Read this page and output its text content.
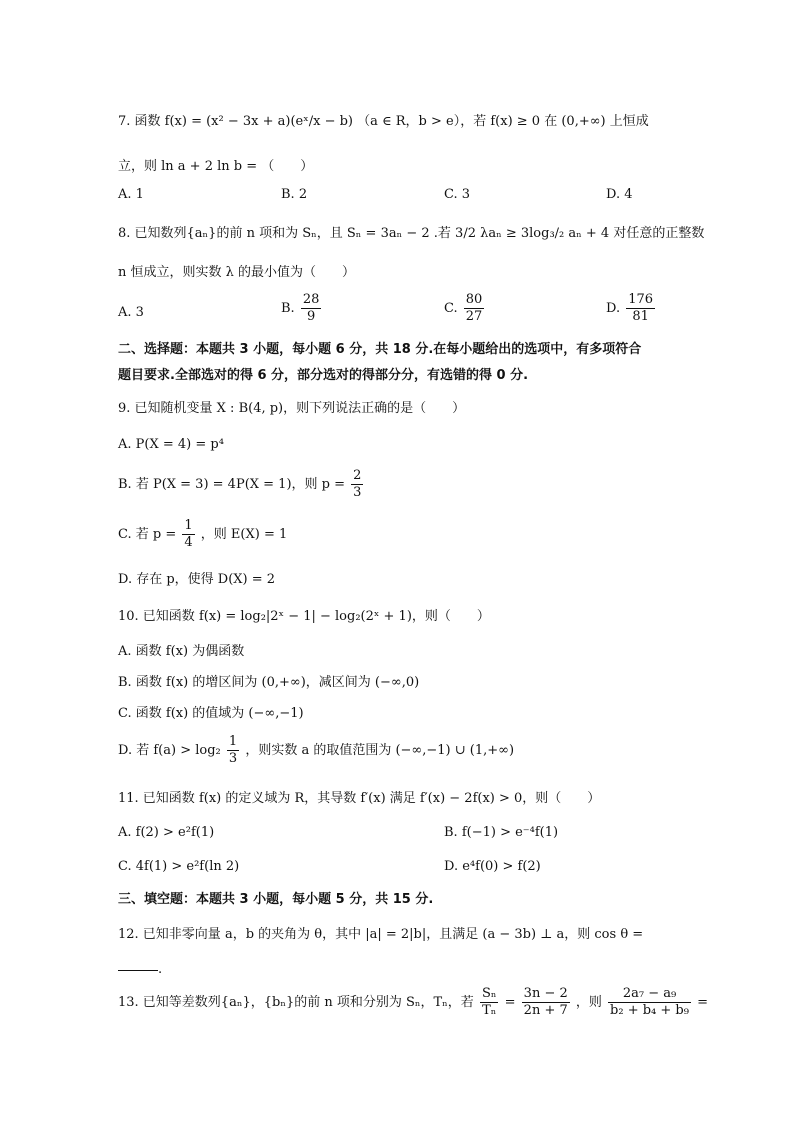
7. 函数 f(x) = (x² − 3x + a)(eˣ/x − b) （a ∈ R，b > e），若 f(x) ≥ 0 在 (0,+∞) 上恒成
立，则 ln a + 2 ln b = （　　）
A. 1	B. 2	C. 3	D. 4
8. 已知数列{aₙ}的前 n 项和为 Sₙ，且 Sₙ = 3aₙ − 2 .若 3/2 λaₙ ≥ 3log₃/₂ aₙ + 4 对任意的正整数
n 恒成立，则实数 λ 的最小值为（　　）
A. 3	B. $\frac{28}{9}$	C. $\frac{80}{27}$	D. $\frac{176}{81}$
二、选择题：本题共 3 小题，每小题 6 分，共 18 分.在每小题给出的选项中，有多项符合
题目要求.全部选对的得 6 分，部分选对的得部分分，有选错的得 0 分.
9. 已知随机变量 X : B(4, p)，则下列说法正确的是（　　）
A. P(X = 4) = p⁴
B. 若 P(X = 3) = 4P(X = 1)，则 $p = \frac{2}{3}$
C. 若 $p = \frac{1}{4}$ ，则 E(X) = 1
D. 存在 p，使得 D(X) = 2
10. 已知函数 f(x) = log₂|2ˣ − 1| − log₂(2ˣ + 1)，则（　　）
A. 函数 f(x) 为偶函数
B. 函数 f(x) 的增区间为 (0,+∞)，减区间为 (−∞,0)
C. 函数 f(x) 的值域为 (−∞,−1)
D. 若 $f(a) > \log_2 \frac{1}{3}$ ，则实数 a 的取值范围为 (−∞,−1) ∪ (1,+∞)
11. 已知函数 f(x) 的定义域为 R，其导数 f′(x) 满足 f′(x) − 2f(x) > 0，则（　　）
A. f(2) > e²f(1)	B. f(−1) > e⁻⁴f(1)
C. 4f(1) > e²f(ln 2)	D. e⁴f(0) > f(2)
三、填空题：本题共 3 小题，每小题 5 分，共 15 分.
12. 已知非零向量 a，b 的夹角为 θ，其中 |a| = 2|b|，且满足 (a − 3b) ⊥ a，则 cos θ =
.
13. 已知等差数列{aₙ}，{bₙ}的前 n 项和分别为 Sₙ，Tₙ，若 $\frac{\text{Sₙ}}{\text{Tₙ}} = \frac{3n - 2}{2n + 7}$ ，则 $\frac{\text{2a₇ − a₉}}{\text{b₂ + b₄ + b₉}}$ =
